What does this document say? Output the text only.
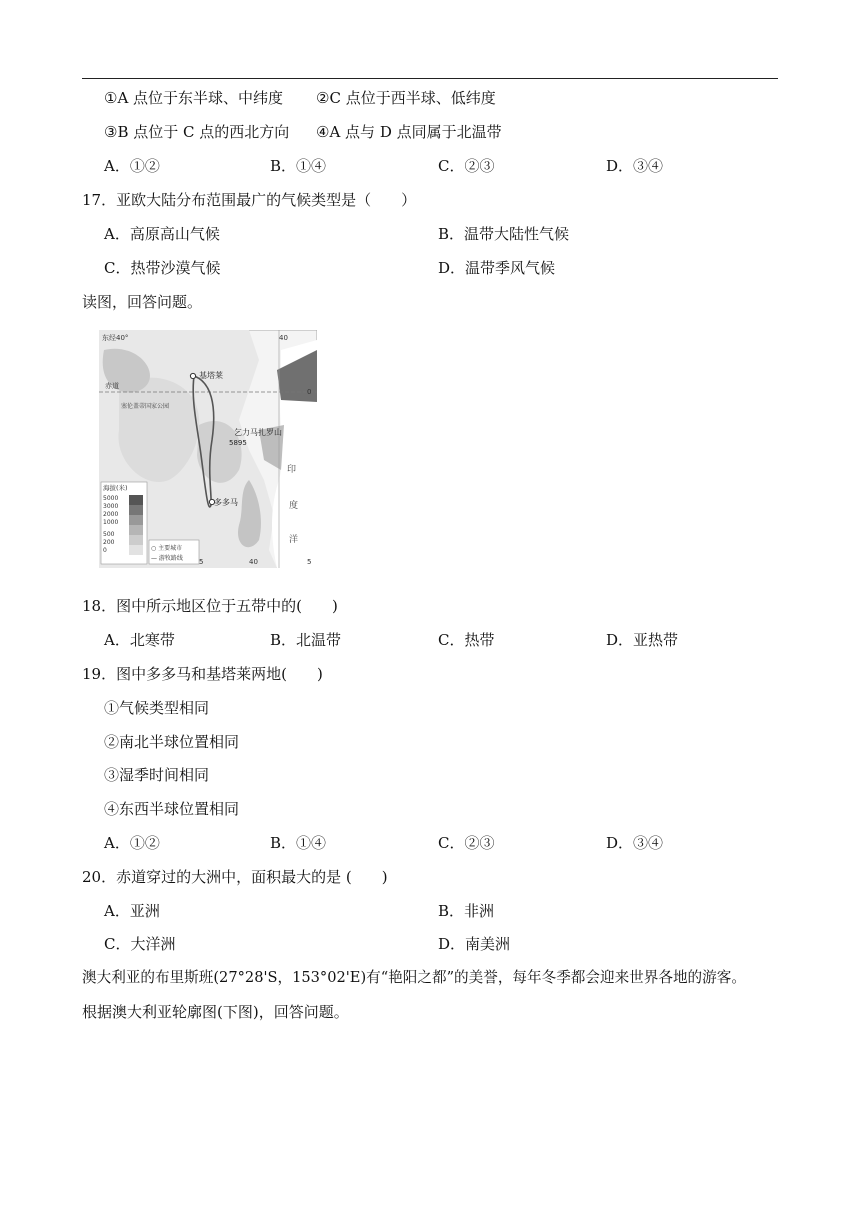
①A 点位于东半球、中纬度 ②C 点位于西半球、低纬度
③B 点位于 C 点的西北方向 ④A 点与 D 点同属于北温带
A．①②	B．①④	C．②③	D．③④
17．亚欧大陆分布范围最广的气候类型是（　　）
A．高原高山气候	B．温带大陆性气候
C．热带沙漠气候	D．温带季风气候
读图，回答问题。
东经40°	40
赤道
0
塞伦盖蒂国家公园
基塔莱
乞力马扎罗山
5895
多多马
印
度
洋
海拔(米)
5000
3000
2000
1000
500
200
0	○ 主要城市
— 游牧路线 5	40	5
18．图中所示地区位于五带中的(　　)
A．北寒带	B．北温带	C．热带	D．亚热带
19．图中多多马和基塔莱两地(　　)
①气候类型相同
②南北半球位置相同
③湿季时间相同
④东西半球位置相同
A．①②	B．①④	C．②③	D．③④
20．赤道穿过的大洲中，面积最大的是 (　　)
A．亚洲	B．非洲
C．大洋洲	D．南美洲
澳大利亚的布里斯班(27°28'S，153°02'E)有“艳阳之都”的美誉，每年冬季都会迎来世界各地的游客。
根据澳大利亚轮廓图(下图)，回答问题。
